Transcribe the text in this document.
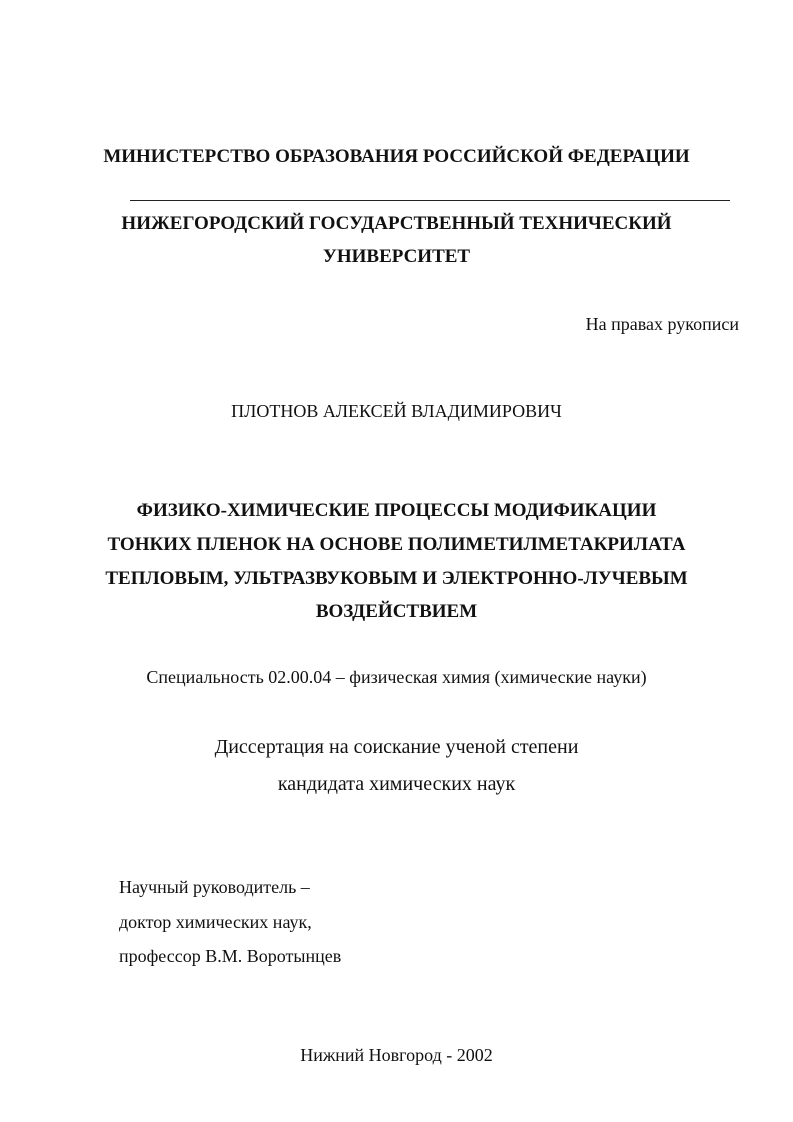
МИНИСТЕРСТВО ОБРАЗОВАНИЯ РОССИЙСКОЙ ФЕДЕРАЦИИ
НИЖЕГОРОДСКИЙ ГОСУДАРСТВЕННЫЙ ТЕХНИЧЕСКИЙ
УНИВЕРСИТЕТ
На правах рукописи
ПЛОТНОВ АЛЕКСЕЙ ВЛАДИМИРОВИЧ
ФИЗИКО-ХИМИЧЕСКИЕ ПРОЦЕССЫ МОДИФИКАЦИИ
ТОНКИХ ПЛЕНОК НА ОСНОВЕ ПОЛИМЕТИЛМЕТАКРИЛАТА
ТЕПЛОВЫМ, УЛЬТРАЗВУКОВЫМ И ЭЛЕКТРОННО-ЛУЧЕВЫМ
ВОЗДЕЙСТВИЕМ
Специальность 02.00.04 – физическая химия (химические науки)
Диссертация на соискание ученой степени
кандидата химических наук
Научный руководитель –
доктор химических наук,
профессор В.М. Воротынцев
Нижний Новгород - 2002
